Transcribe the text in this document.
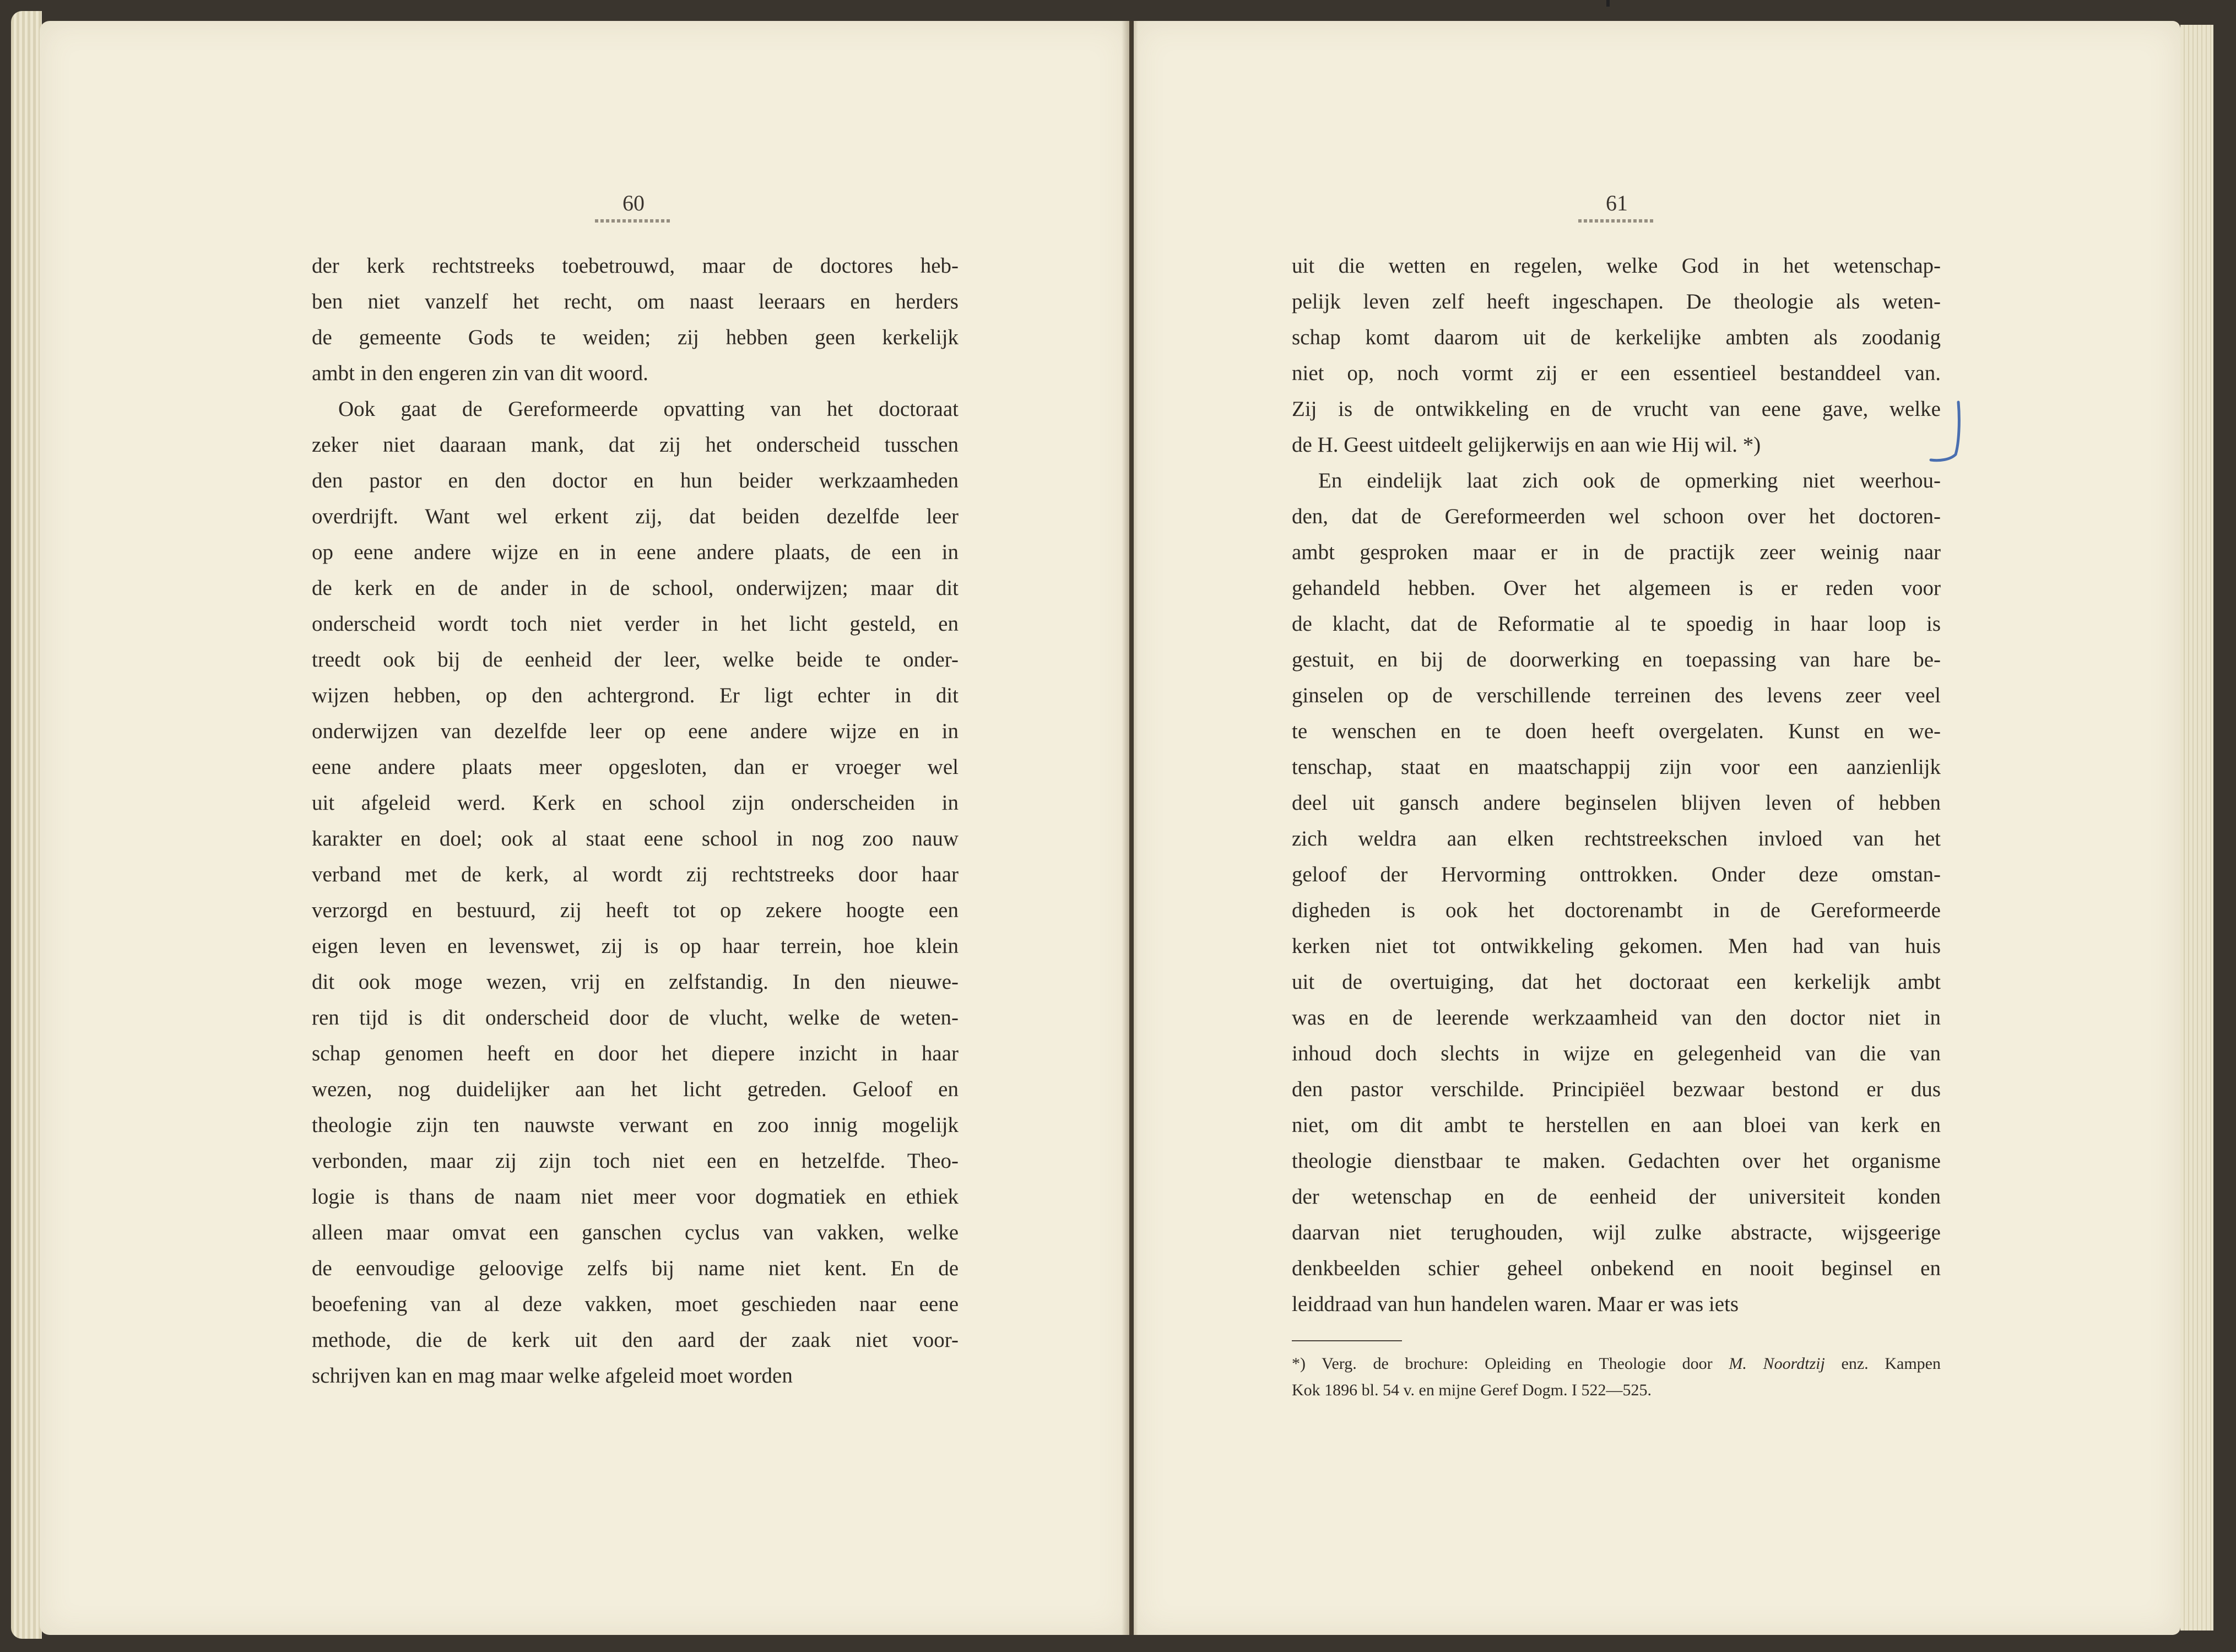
60	61
der kerk rechtstreeks toebetrouwd, maar de doctores heb-
ben niet vanzelf het recht, om naast leeraars en herders
de gemeente Gods te weiden; zij hebben geen kerkelijk
ambt in den engeren zin van dit woord.
Ook gaat de Gereformeerde opvatting van het doctoraat
zeker niet daaraan mank, dat zij het onderscheid tusschen
den pastor en den doctor en hun beider werkzaamheden
overdrijft. Want wel erkent zij, dat beiden dezelfde leer
op eene andere wijze en in eene andere plaats, de een in
de kerk en de ander in de school, onderwijzen; maar dit
onderscheid wordt toch niet verder in het licht gesteld, en
treedt ook bij de eenheid der leer, welke beide te onder-
wijzen hebben, op den achtergrond. Er ligt echter in dit
onderwijzen van dezelfde leer op eene andere wijze en in
eene andere plaats meer opgesloten, dan er vroeger wel
uit afgeleid werd. Kerk en school zijn onderscheiden in
karakter en doel; ook al staat eene school in nog zoo nauw
verband met de kerk, al wordt zij rechtstreeks door haar
verzorgd en bestuurd, zij heeft tot op zekere hoogte een
eigen leven en levenswet, zij is op haar terrein, hoe klein
dit ook moge wezen, vrij en zelfstandig. In den nieuwe-
ren tijd is dit onderscheid door de vlucht, welke de weten-
schap genomen heeft en door het diepere inzicht in haar
wezen, nog duidelijker aan het licht getreden. Geloof en
theologie zijn ten nauwste verwant en zoo innig mogelijk
verbonden, maar zij zijn toch niet een en hetzelfde. Theo-
logie is thans de naam niet meer voor dogmatiek en ethiek
alleen maar omvat een ganschen cyclus van vakken, welke
de eenvoudige geloovige zelfs bij name niet kent. En de
beoefening van al deze vakken, moet geschieden naar eene
methode, die de kerk uit den aard der zaak niet voor-
schrijven kan en mag maar welke afgeleid moet worden
uit die wetten en regelen, welke God in het wetenschap-
pelijk leven zelf heeft ingeschapen. De theologie als weten-
schap komt daarom uit de kerkelijke ambten als zoodanig
niet op, noch vormt zij er een essentieel bestanddeel van.
Zij is de ontwikkeling en de vrucht van eene gave, welke
de H. Geest uitdeelt gelijkerwijs en aan wie Hij wil. *)
En eindelijk laat zich ook de opmerking niet weerhou-
den, dat de Gereformeerden wel schoon over het doctoren-
ambt gesproken maar er in de practijk zeer weinig naar
gehandeld hebben. Over het algemeen is er reden voor
de klacht, dat de Reformatie al te spoedig in haar loop is
gestuit, en bij de doorwerking en toepassing van hare be-
ginselen op de verschillende terreinen des levens zeer veel
te wenschen en te doen heeft overgelaten. Kunst en we-
tenschap, staat en maatschappij zijn voor een aanzienlijk
deel uit gansch andere beginselen blijven leven of hebben
zich weldra aan elken rechtstreekschen invloed van het
geloof der Hervorming onttrokken. Onder deze omstan-
digheden is ook het doctorenambt in de Gereformeerde
kerken niet tot ontwikkeling gekomen. Men had van huis
uit de overtuiging, dat het doctoraat een kerkelijk ambt
was en de leerende werkzaamheid van den doctor niet in
inhoud doch slechts in wijze en gelegenheid van die van
den pastor verschilde. Principiëel bezwaar bestond er dus
niet, om dit ambt te herstellen en aan bloei van kerk en
theologie dienstbaar te maken. Gedachten over het organisme
der wetenschap en de eenheid der universiteit konden
daarvan niet terughouden, wijl zulke abstracte, wijsgeerige
denkbeelden schier geheel onbekend en nooit beginsel en
leiddraad van hun handelen waren. Maar er was iets
*) Verg. de brochure: Opleiding en Theologie door M. Noordtzij enz. Kampen
Kok 1896 bl. 54 v. en mijne Geref Dogm. I 522—525.
